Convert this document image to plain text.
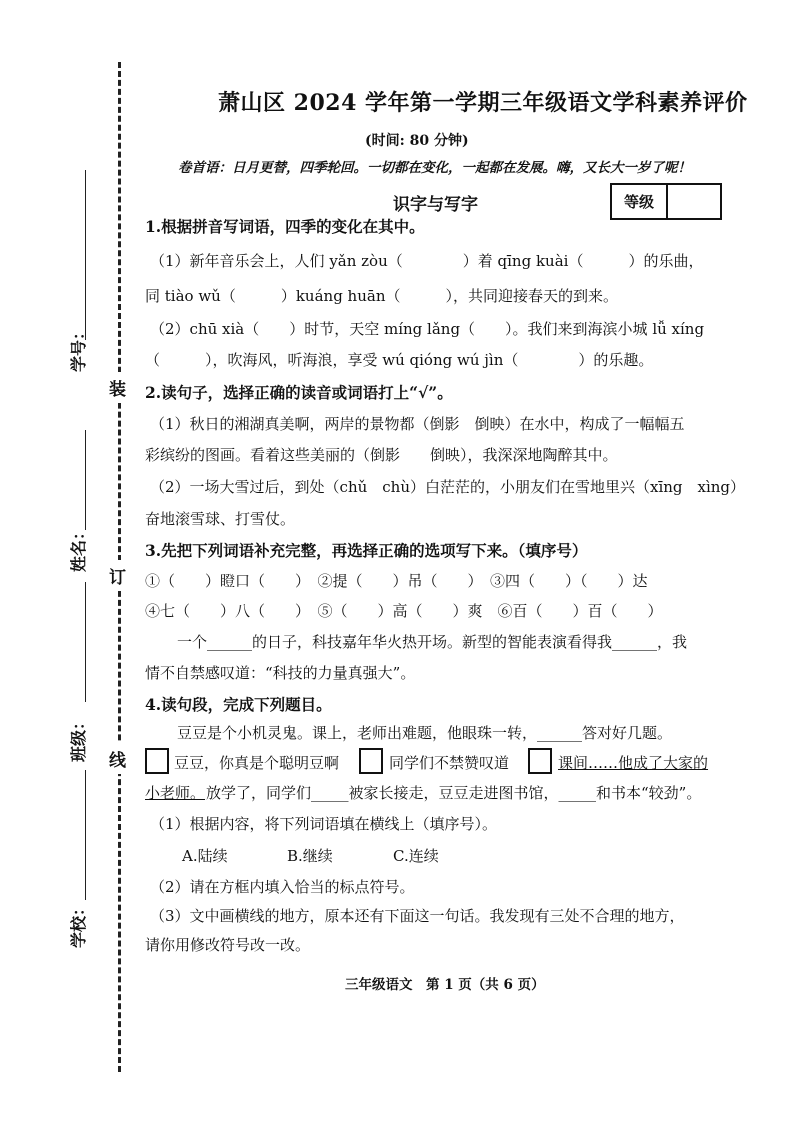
装
订
线
学号：
姓名：
班级：
学校：
萧山区 2024 学年第一学期三年级语文学科素养评价
(时间: 80 分钟)
卷首语：日月更替，四季轮回。一切都在变化，一起都在发展。嗨，又长大一岁了呢！
识字与写字	等级
1.根据拼音写词语，四季的变化在其中。
（1）新年音乐会上，人们 yǎn zòu（　　　　）着 qīng kuài（　　　）的乐曲，
同 tiào wǔ（　　　）kuáng huān（　　　），共同迎接春天的到来。
（2）chū xià（　　）时节，天空 míng lǎng（　　）。我们来到海滨小城 lǚ xíng
（　　　），吹海风，听海浪，享受 wú qióng wú jìn（　　　　）的乐趣。
2.读句子，选择正确的读音或词语打上“√”。
（1）秋日的湘湖真美啊，两岸的景物都（倒影　倒映）在水中，构成了一幅幅五
彩缤纷的图画。看着这些美丽的（倒影　　倒映），我深深地陶醉其中。
（2）一场大雪过后，到处（chǔ　chù）白茫茫的，小朋友们在雪地里兴（xīng　xìng）
奋地滚雪球、打雪仗。
3.先把下列词语补充完整，再选择正确的选项写下来。（填序号）
①（　　）瞪口（　　）　②提（　　）吊（　　）　③四（　　）（　　）达
④七（　　）八（　　）　⑤（　　）高（　　）爽　⑥百（　　）百（　　）
一个______的日子，科技嘉年华火热开场。新型的智能表演看得我______，我
情不自禁感叹道：“科技的力量真强大”。
4.读句段，完成下列题目。
豆豆是个小机灵鬼。课上，老师出难题，他眼珠一转，______答对好几题。
豆豆，你真是个聪明豆啊	同学们不禁赞叹道	课间……他成了大家的
小老师。 放学了，同学们_____被家长接走，豆豆走进图书馆，_____和书本“较劲”。
（1）根据内容，将下列词语填在横线上（填序号）。
A.陆续	B.继续	C.连续
（2）请在方框内填入恰当的标点符号。
（3）文中画横线的地方，原本还有下面这一句话。我发现有三处不合理的地方，
请你用修改符号改一改。
三年级语文　第 1 页（共 6 页）
